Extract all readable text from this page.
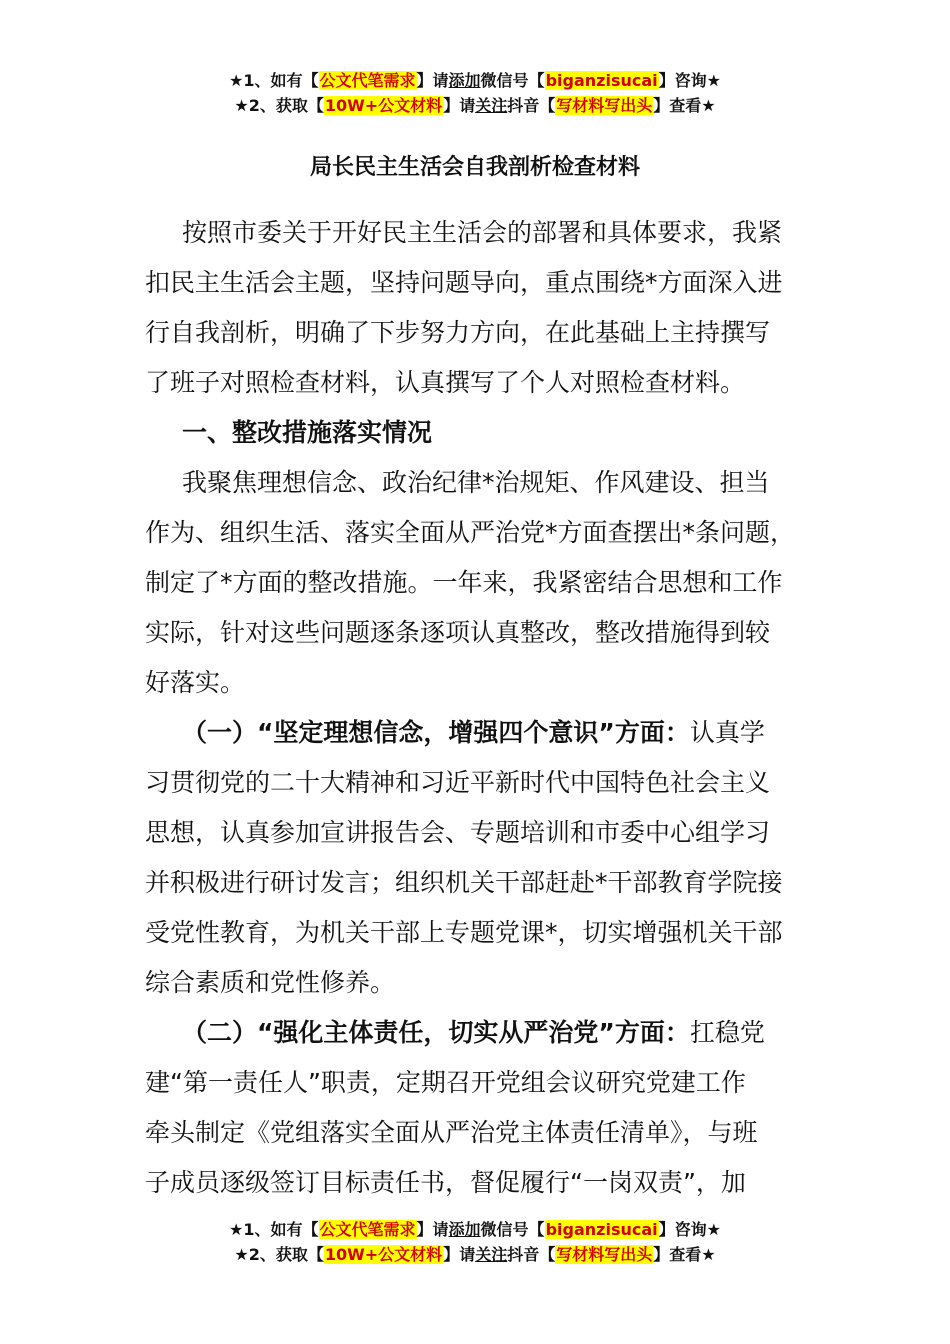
★1、如有【公文代笔需求】请添加微信号【biganzisucai】咨询★
★2、获取【10W+公文材料】请关注抖音【写材料写出头】查看★
局长民主生活会自我剖析检查材料

按照市委关于开好民主生活会的部署和具体要求，我紧
扣民主生活会主题，坚持问题导向，重点围绕*方面深入进
行自我剖析，明确了下步努力方向，在此基础上主持撰写
了班子对照检查材料，认真撰写了个人对照检查材料。

一、整改措施落实情况

我聚焦理想信念、政治纪律*治规矩、作风建设、担当
作为、组织生活、落实全面从严治党*方面查摆出*条问题，
制定了*方面的整改措施。一年来，我紧密结合思想和工作
实际，针对这些问题逐条逐项认真整改，整改措施得到较
好落实。

（一）“坚定理想信念，增强四个意识”方面：认真学
习贯彻党的二十大精神和习近平新时代中国特色社会主义
思想，认真参加宣讲报告会、专题培训和市委中心组学习
并积极进行研讨发言；组织机关干部赶赴*干部教育学院接
受党性教育，为机关干部上专题党课*，切实增强机关干部
综合素质和党性修养。

（二）“强化主体责任，切实从严治党”方面：扛稳党
建“第一责任人”职责，定期召开党组会议研究党建工作
牵头制定《党组落实全面从严治党主体责任清单》，与班
子成员逐级签订目标责任书，督促履行“一岗双责”，加

★1、如有【公文代笔需求】请添加微信号【biganzisucai】咨询★
★2、获取【10W+公文材料】请关注抖音【写材料写出头】查看★
